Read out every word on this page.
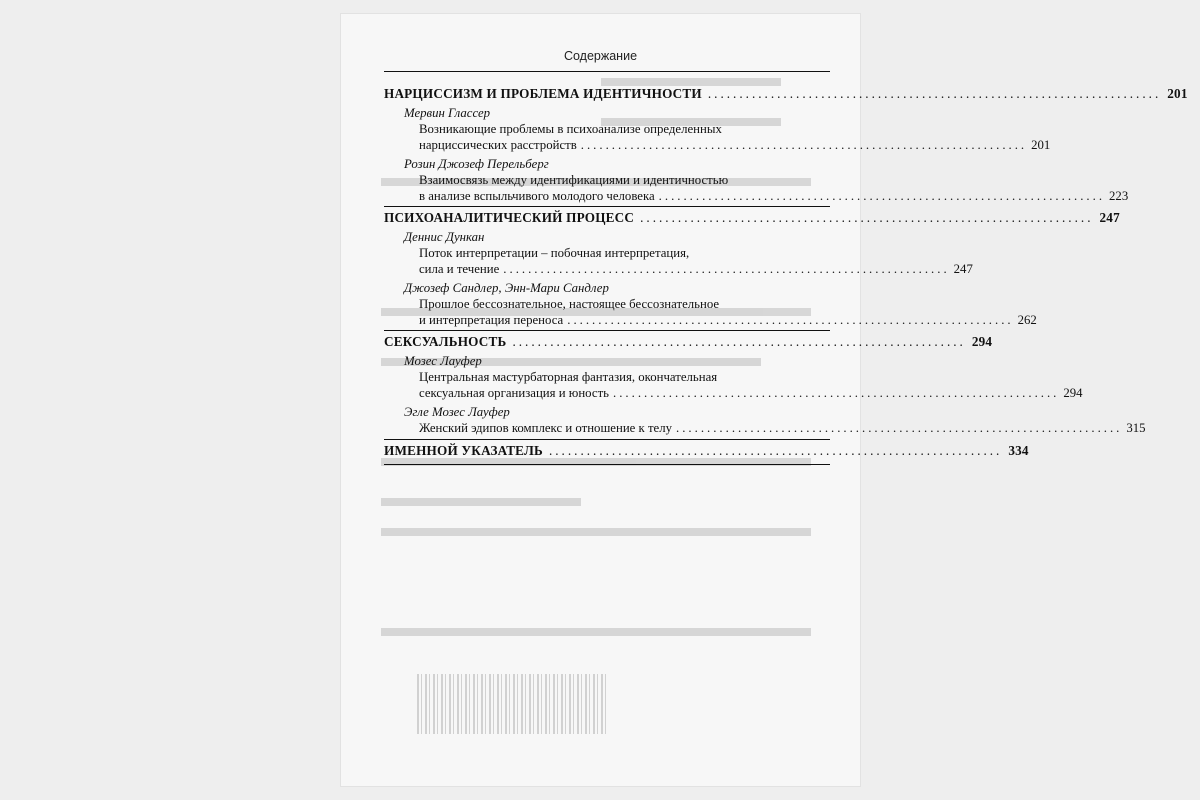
Содержание
НАРЦИССИЗМ И ПРОБЛЕМА ИДЕНТИЧНОСТИ ........................................................................ 201
Мервин Глассер
Возникающие проблемы в психоанализе определенных
нарциссических расстройств ........................................................................ 201
Розин Джозеф Перельберг
Взаимосвязь между идентификациями и идентичностью
в анализе вспыльчивого молодого человека ........................................................................ 223
ПСИХОАНАЛИТИЧЕСКИЙ ПРОЦЕСС ........................................................................ 247
Деннис Дункан
Поток интерпретации – побочная интерпретация,
сила и течение ........................................................................ 247
Джозеф Сандлер, Энн-Мари Сандлер
Прошлое бессознательное, настоящее бессознательное
и интерпретация переноса ........................................................................ 262
СЕКСУАЛЬНОСТЬ ........................................................................ 294
Мозес Лауфер
Центральная мастурбаторная фантазия, окончательная
сексуальная организация и юность ........................................................................ 294
Эгле Мозес Лауфер
Женский эдипов комплекс и отношение к телу ........................................................................ 315
ИМЕННОЙ УКАЗАТЕЛЬ ........................................................................ 334
